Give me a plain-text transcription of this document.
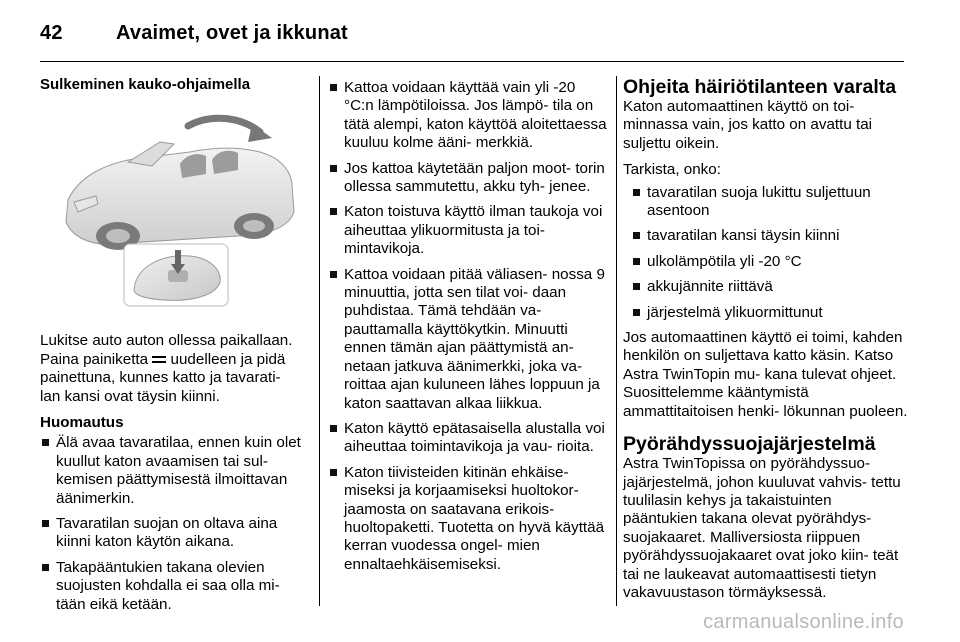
42	Avaimet, ovet ja ikkunat
Sulkeminen kauko-ohjaimella

Lukitse auto auton ollessa paikallaan. Paina painiketta  uudelleen ja pidä painettuna, kunnes katto ja tavarati- lan kansi ovat täysin kiinni.

Huomautus
Älä avaa tavaratilaa, ennen kuin olet kuullut katon avaamisen tai sul- kemisen päättymisestä ilmoittavan äänimerkin.
Tavaratilan suojan on oltava aina kiinni katon käytön aikana.
Takapääntukien takana olevien suojusten kohdalla ei saa olla mi- tään eikä ketään.
Kattoa voidaan käyttää vain yli -20 °C:n lämpötiloissa. Jos lämpö- tila on tätä alempi, katon käyttöä aloitettaessa kuuluu kolme ääni- merkkiä.
Jos kattoa käytetään paljon moot- torin ollessa sammutettu, akku tyh- jenee.
Katon toistuva käyttö ilman taukoja voi aiheuttaa ylikuormitusta ja toi- mintavikoja.
Kattoa voidaan pitää väliasen- nossa 9 minuuttia, jotta sen tilat voi- daan puhdistaa. Tämä tehdään va- pauttamalla käyttökytkin. Minuutti ennen tämän ajan päättymistä an- netaan jatkuva äänimerkki, joka va- roittaa ajan kuluneen lähes loppuun ja katon saattavan alkaa liikkua.
Katon käyttö epätasaisella alustalla voi aiheuttaa toimintavikoja ja vau- rioita.
Katon tiivisteiden kitinän ehkäise- miseksi ja korjaamiseksi huoltokor- jaamosta on saatavana erikois- huoltopaketti. Tuotetta on hyvä käyttää kerran vuodessa ongel- mien ennaltaehkäisemiseksi.
Ohjeita häiriötilanteen varalta

Katon automaattinen käyttö on toi- minnassa vain, jos katto on avattu tai suljettu oikein.

Tarkista, onko:

tavaratilan suoja lukittu suljettuun asentoon
tavaratilan kansi täysin kiinni
ulkolämpötila yli -20 °C
akkujännite riittävä
järjestelmä ylikuormittunut

Jos automaattinen käyttö ei toimi, kahden henkilön on suljettava katto käsin. Katso Astra TwinTopin mu- kana tulevat ohjeet. Suosittelemme kääntymistä ammattitaitoisen henki- lökunnan puoleen.

Pyörähdyssuojajärjestelmä

Astra TwinTopissa on pyörähdyssuo- jajärjestelmä, johon kuuluvat vahvis- tettu tuulilasin kehys ja takaistuinten pääntukien takana olevat pyörähdys- suojakaaret. Malliversiosta riippuen pyörähdyssuojakaaret ovat joko kiin- teät tai ne laukeavat automaattisesti tietyn vakavuustason törmäyksessä.

carmanualsonline.info
